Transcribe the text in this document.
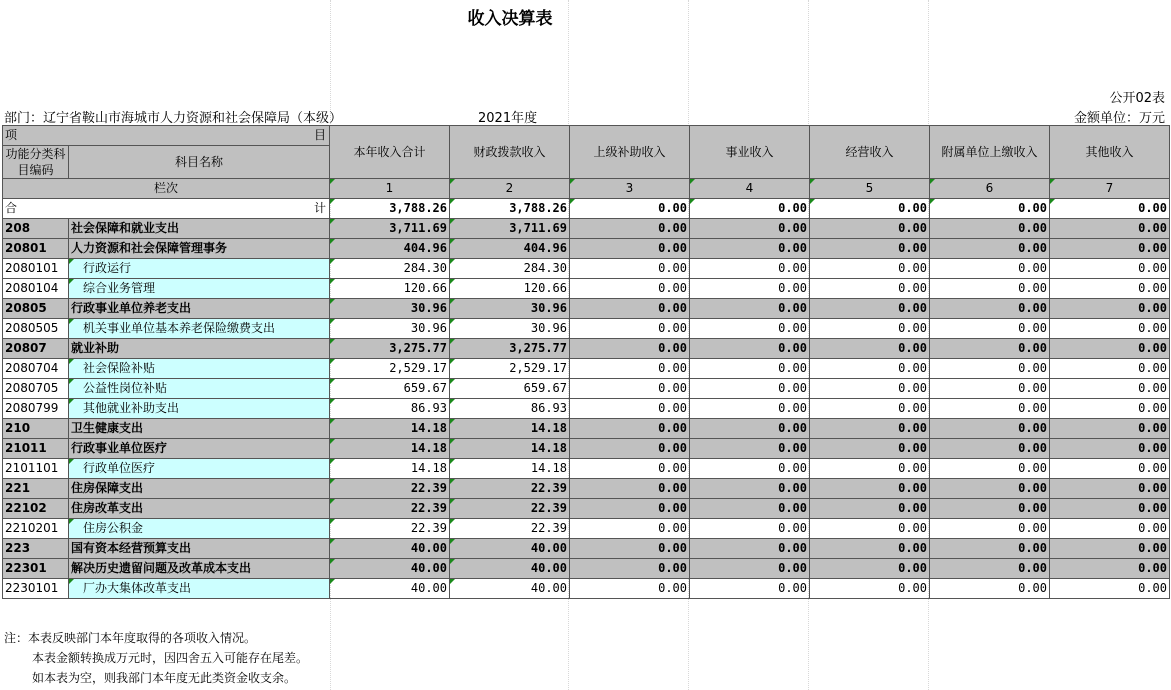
收入决算表
公开02表
部门：辽宁省鞍山市海城市人力资源和社会保障局（本级）	2021年度	金额单位：万元
项 目		本年收入合计	财政拨款收入	上级补助收入	事业收入	经营收入	附属单位上缴收入	其他收入
功能分类科目编码	科目名称							

栏次		1	2	3	4	5	6	7
合 计		3,788.26	3,788.26	0.00	0.00	0.00	0.00	0.00
208	社会保障和就业支出	3,711.69	3,711.69	0.00	0.00	0.00	0.00	0.00
20801	人力资源和社会保障管理事务	404.96	404.96	0.00	0.00	0.00	0.00	0.00
2080101	行政运行	284.30	284.30	0.00	0.00	0.00	0.00	0.00
2080104	综合业务管理	120.66	120.66	0.00	0.00	0.00	0.00	0.00
20805	行政事业单位养老支出	30.96	30.96	0.00	0.00	0.00	0.00	0.00
2080505	机关事业单位基本养老保险缴费支出	30.96	30.96	0.00	0.00	0.00	0.00	0.00
20807	就业补助	3,275.77	3,275.77	0.00	0.00	0.00	0.00	0.00
2080704	社会保险补贴	2,529.17	2,529.17	0.00	0.00	0.00	0.00	0.00
2080705	公益性岗位补贴	659.67	659.67	0.00	0.00	0.00	0.00	0.00
2080799	其他就业补助支出	86.93	86.93	0.00	0.00	0.00	0.00	0.00
210	卫生健康支出	14.18	14.18	0.00	0.00	0.00	0.00	0.00
21011	行政事业单位医疗	14.18	14.18	0.00	0.00	0.00	0.00	0.00
2101101	行政单位医疗	14.18	14.18	0.00	0.00	0.00	0.00	0.00
221	住房保障支出	22.39	22.39	0.00	0.00	0.00	0.00	0.00
22102	住房改革支出	22.39	22.39	0.00	0.00	0.00	0.00	0.00
2210201	住房公积金	22.39	22.39	0.00	0.00	0.00	0.00	0.00
223	国有资本经营预算支出	40.00	40.00	0.00	0.00	0.00	0.00	0.00
22301	解决历史遗留问题及改革成本支出	40.00	40.00	0.00	0.00	0.00	0.00	0.00
2230101	厂办大集体改革支出	40.00	40.00	0.00	0.00	0.00	0.00	0.00
注：本表反映部门本年度取得的各项收入情况。
本表金额转换成万元时，因四舍五入可能存在尾差。
如本表为空，则我部门本年度无此类资金收支余。
